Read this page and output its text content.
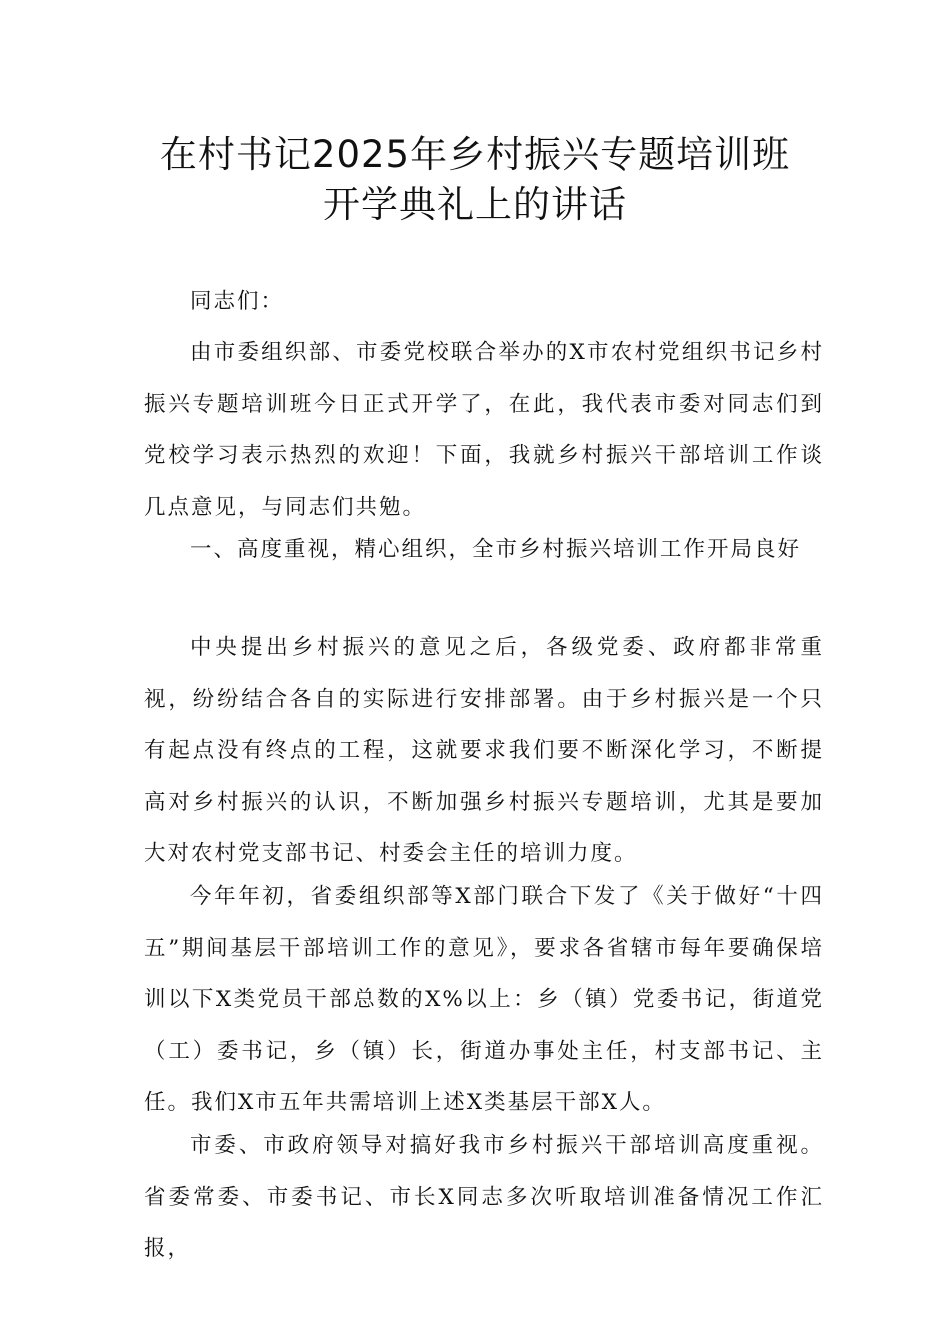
在村书记2025年乡村振兴专题培训班
开学典礼上的讲话

同志们：

由市委组织部、市委党校联合举办的X市农村党组织书记乡村振兴专题培训班今日正式开学了，在此，我代表市委对同志们到党校学习表示热烈的欢迎！下面，我就乡村振兴干部培训工作谈几点意见，与同志们共勉。

一、高度重视，精心组织，全市乡村振兴培训工作开局良好

中央提出乡村振兴的意见之后，各级党委、政府都非常重视，纷纷结合各自的实际进行安排部署。由于乡村振兴是一个只有起点没有终点的工程，这就要求我们要不断深化学习，不断提高对乡村振兴的认识，不断加强乡村振兴专题培训，尤其是要加大对农村党支部书记、村委会主任的培训力度。

今年年初，省委组织部等X部门联合下发了《关于做好“十四五”期间基层干部培训工作的意见》，要求各省辖市每年要确保培训以下X类党员干部总数的X%以上：乡（镇）党委书记，街道党（工）委书记，乡（镇）长，街道办事处主任，村支部书记、主任。我们X市五年共需培训上述X类基层干部X人。

市委、市政府领导对搞好我市乡村振兴干部培训高度重视。省委常委、市委书记、市长X同志多次听取培训准备情况工作汇报，
